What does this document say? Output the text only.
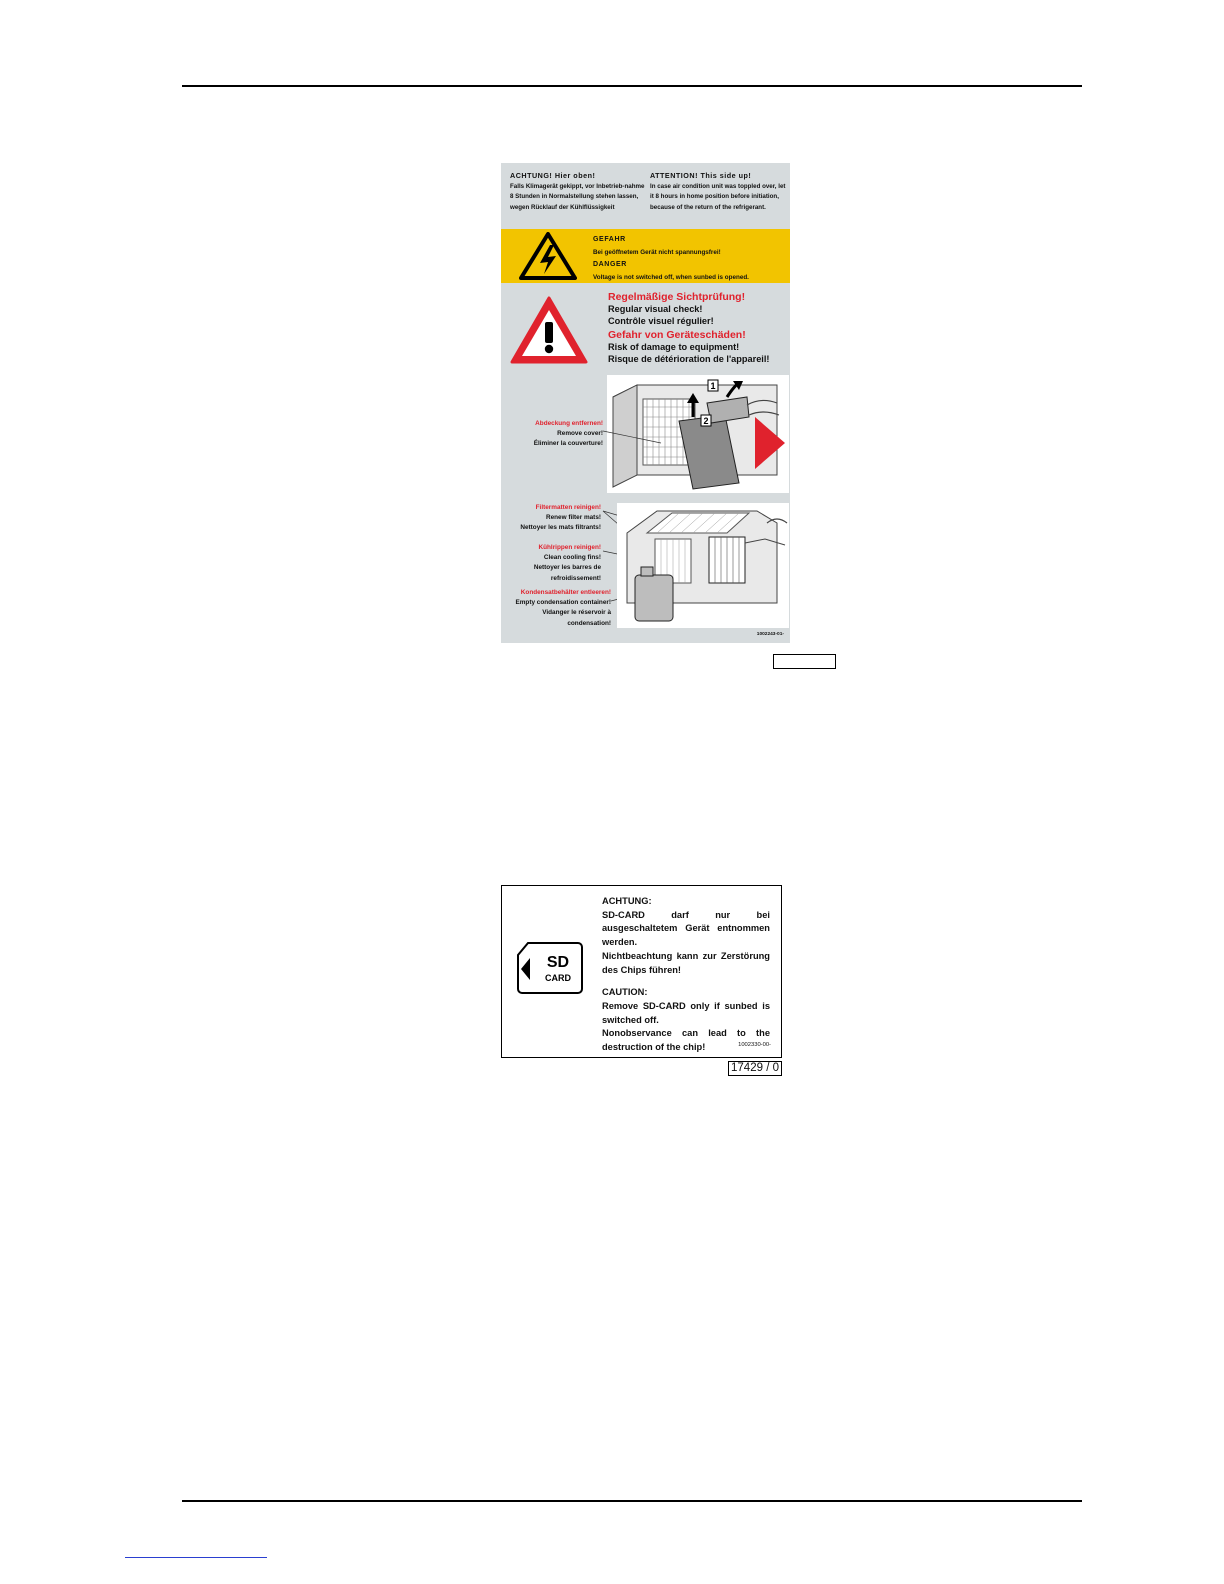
ACHTUNG! Hier oben!
Falls Klimagerät gekippt, vor Inbetrieb-nahme 8 Stunden in Normalstellung stehen lassen, wegen Rücklauf der Kühlflüssigkeit
ATTENTION! This side up!
In case air condition unit was toppled over, let it 8 hours in home position before initiation, because of the return of the refrigerant.
GEFAHR
Bei geöffnetem Gerät nicht spannungsfrei!
DANGER
Voltage is not switched off, when sunbed is opened.
Regelmäßige Sichtprüfung!
Regular visual check!
Contrôle visuel régulier!
Gefahr von Geräteschäden!
Risk of damage to equipment!
Risque de détérioration de l'appareil!
1
2
Abdeckung entfernen!
Remove cover!
Éliminer la couverture!
Filtermatten reinigen!
Renew filter mats!
Nettoyer les mats filtrants!
Kühlrippen reinigen!
Clean cooling fins!
Nettoyer les barres de refroidissement!
Kondensatbehälter entleeren!
Empty condensation container!
Vidanger le réservoir à condensation!
1002243-01-
SD
CARD

ACHTUNG:

SD-CARD darf nur bei ausgeschaltetem Gerät entnommen werden.

Nichtbeachtung kann zur Zerstörung des Chips führen!

CAUTION:

Remove SD-CARD only if sunbed is switched off.

Nonobservance can lead to the destruction of the chip!	1002330-00-
17429 / 0
